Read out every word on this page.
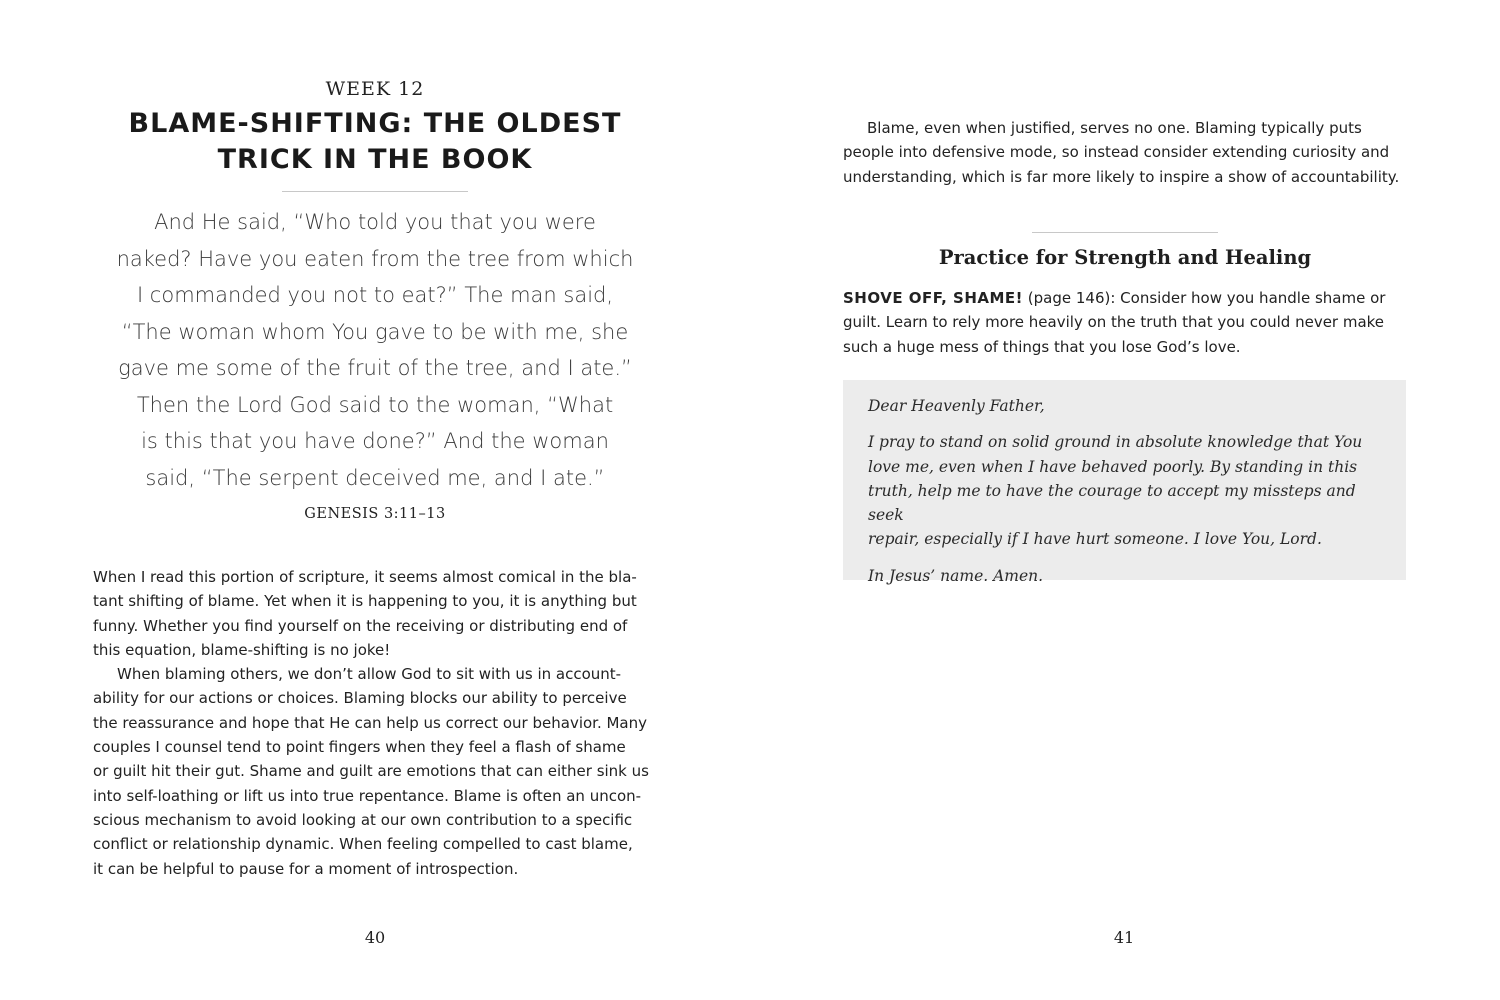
WEEK 12
BLAME-SHIFTING: THE OLDEST
TRICK IN THE BOOK
And He said, “Who told you that you were
naked? Have you eaten from the tree from which
I commanded you not to eat?” The man said,
“The woman whom You gave to be with me, she
gave me some of the fruit of the tree, and I ate.”
Then the Lord God said to the woman, “What
is this that you have done?” And the woman
said, “The serpent deceived me, and I ate.”
GENESIS 3:11–13

When I read this portion of scripture, it seems almost comical in the bla-
tant shifting of blame. Yet when it is happening to you, it is anything but
funny. Whether you find yourself on the receiving or distributing end of
this equation, blame-shifting is no joke!

When blaming others, we don’t allow God to sit with us in account-
ability for our actions or choices. Blaming blocks our ability to perceive
the reassurance and hope that He can help us correct our behavior. Many
couples I counsel tend to point fingers when they feel a flash of shame
or guilt hit their gut. Shame and guilt are emotions that can either sink us
into self-loathing or lift us into true repentance. Blame is often an uncon-
scious mechanism to avoid looking at our own contribution to a specific
conflict or relationship dynamic. When feeling compelled to cast blame,
it can be helpful to pause for a moment of introspection.

40

Blame, even when justified, serves no one. Blaming typically puts
people into defensive mode, so instead consider extending curiosity and
understanding, which is far more likely to inspire a show of accountability.

Practice for Strength and Healing

SHOVE OFF, SHAME! (page 146): Consider how you handle shame or
guilt. Learn to rely more heavily on the truth that you could never make
such a huge mess of things that you lose God’s love.

Dear Heavenly Father,

I pray to stand on solid ground in absolute knowledge that You
love me, even when I have behaved poorly. By standing in this
truth, help me to have the courage to accept my missteps and seek
repair, especially if I have hurt someone. I love You, Lord.

In Jesus’ name. Amen.

41
